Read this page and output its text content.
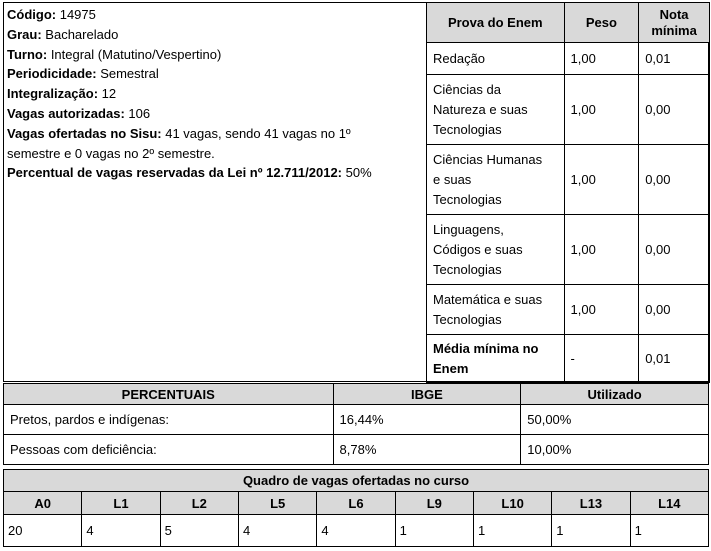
Código: 14975
Grau: Bacharelado
Turno: Integral (Matutino/Vespertino)
Periodicidade: Semestral
Integralização: 12
Vagas autorizadas: 106
Vagas ofertadas no Sisu: 41 vagas, sendo 41 vagas no 1º
semestre e 0 vagas no 2º semestre.
Percentual de vagas reservadas da Lei nº 12.711/2012: 50%
Prova do Enem	Peso	Nota
mínima
Redação	1,00	0,01
Ciências da
Natureza e suas
Tecnologias	1,00	0,00
Ciências Humanas
e suas
Tecnologias	1,00	0,00
Linguagens,
Códigos e suas
Tecnologias	1,00	0,00
Matemática e suas
Tecnologias	1,00	0,00
Média mínima no
Enem	-	0,01
PERCENTUAIS	IBGE	Utilizado
Pretos, pardos e indígenas:	16,44%	50,00%
Pessoas com deficiência:	8,78%	10,00%
Quadro de vagas ofertadas no curso								
A0	L1	L2	L5	L6	L9	L10	L13	L14
20	4	5	4	4	1	1	1	1
